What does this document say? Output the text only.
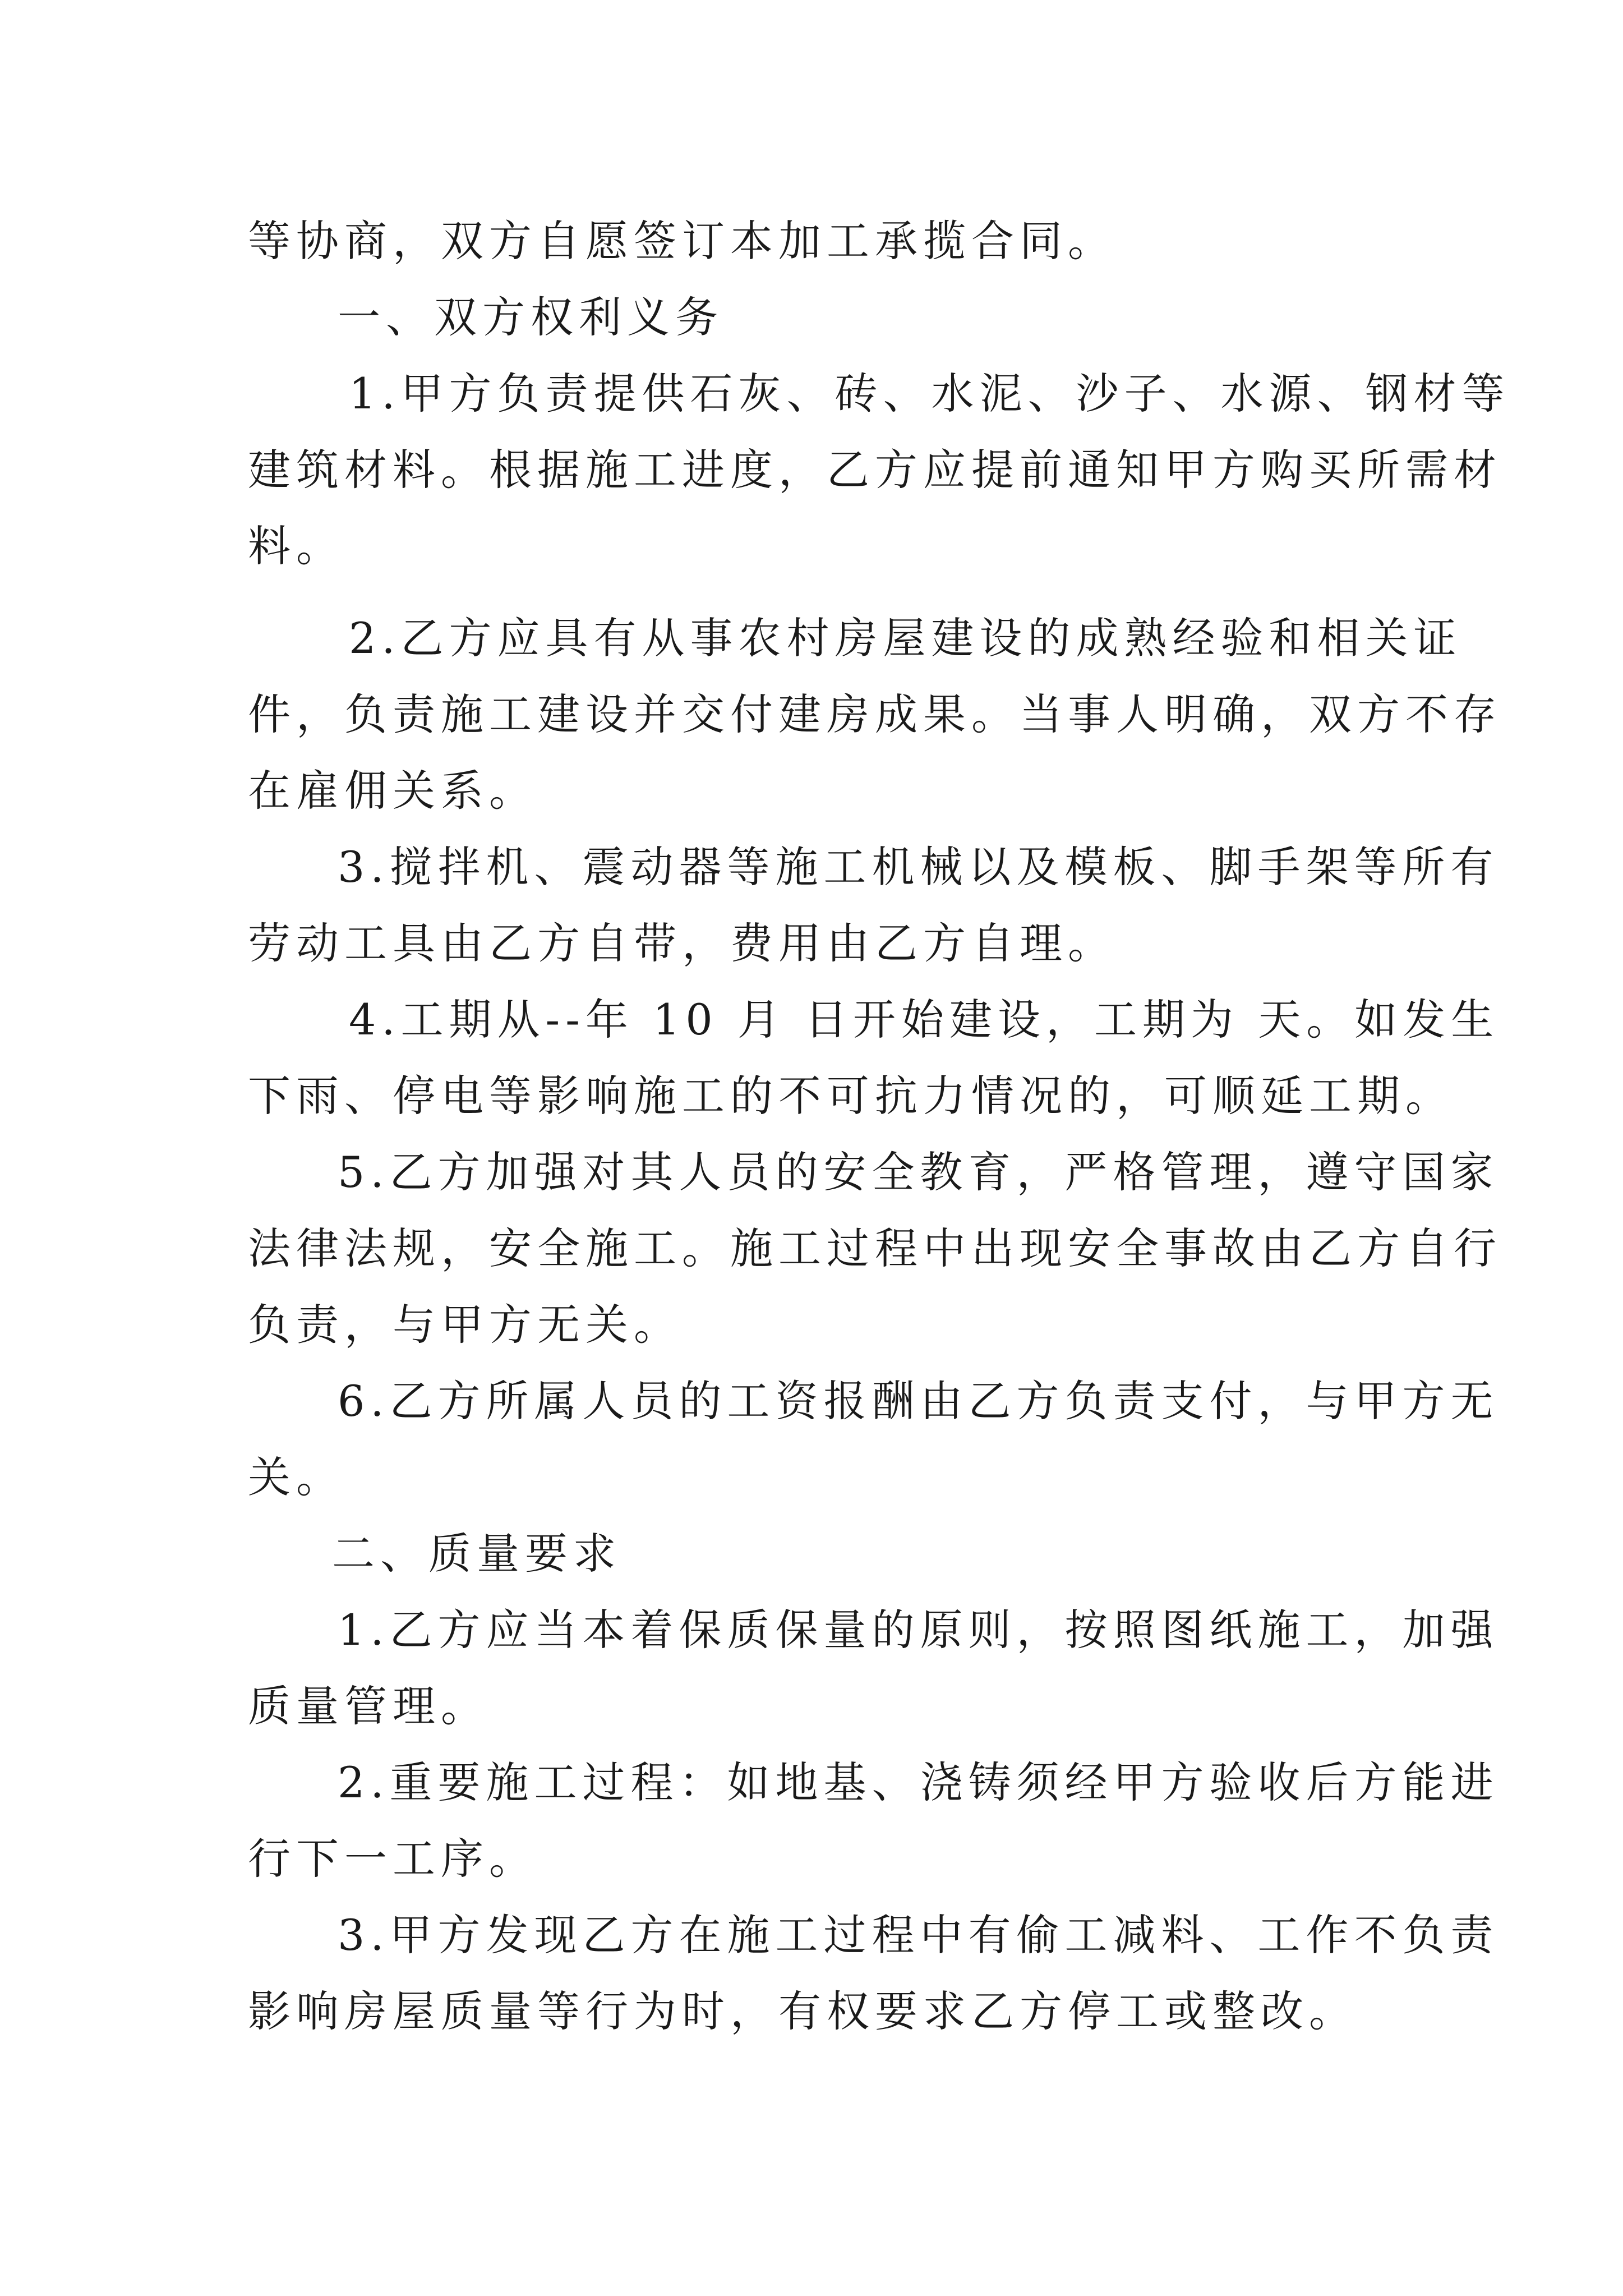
等协商，双方自愿签订本加工承揽合同。

一、双方权利义务

1.甲方负责提供石灰、砖、水泥、沙子、水源、钢材等

建筑材料。根据施工进度，乙方应提前通知甲方购买所需材

料。

2.乙方应具有从事农村房屋建设的成熟经验和相关证

件，负责施工建设并交付建房成果。当事人明确，双方不存

在雇佣关系。

3.搅拌机、震动器等施工机械以及模板、脚手架等所有

劳动工具由乙方自带，费用由乙方自理。

4.工期从--年 10 月 日开始建设，工期为 天。如发生

下雨、停电等影响施工的不可抗力情况的，可顺延工期。

5.乙方加强对其人员的安全教育，严格管理，遵守国家

法律法规，安全施工。施工过程中出现安全事故由乙方自行

负责，与甲方无关。

6.乙方所属人员的工资报酬由乙方负责支付，与甲方无

关。

二、质量要求

1.乙方应当本着保质保量的原则，按照图纸施工，加强

质量管理。

2.重要施工过程：如地基、浇铸须经甲方验收后方能进

行下一工序。

3.甲方发现乙方在施工过程中有偷工减料、工作不负责

影响房屋质量等行为时，有权要求乙方停工或整改。
